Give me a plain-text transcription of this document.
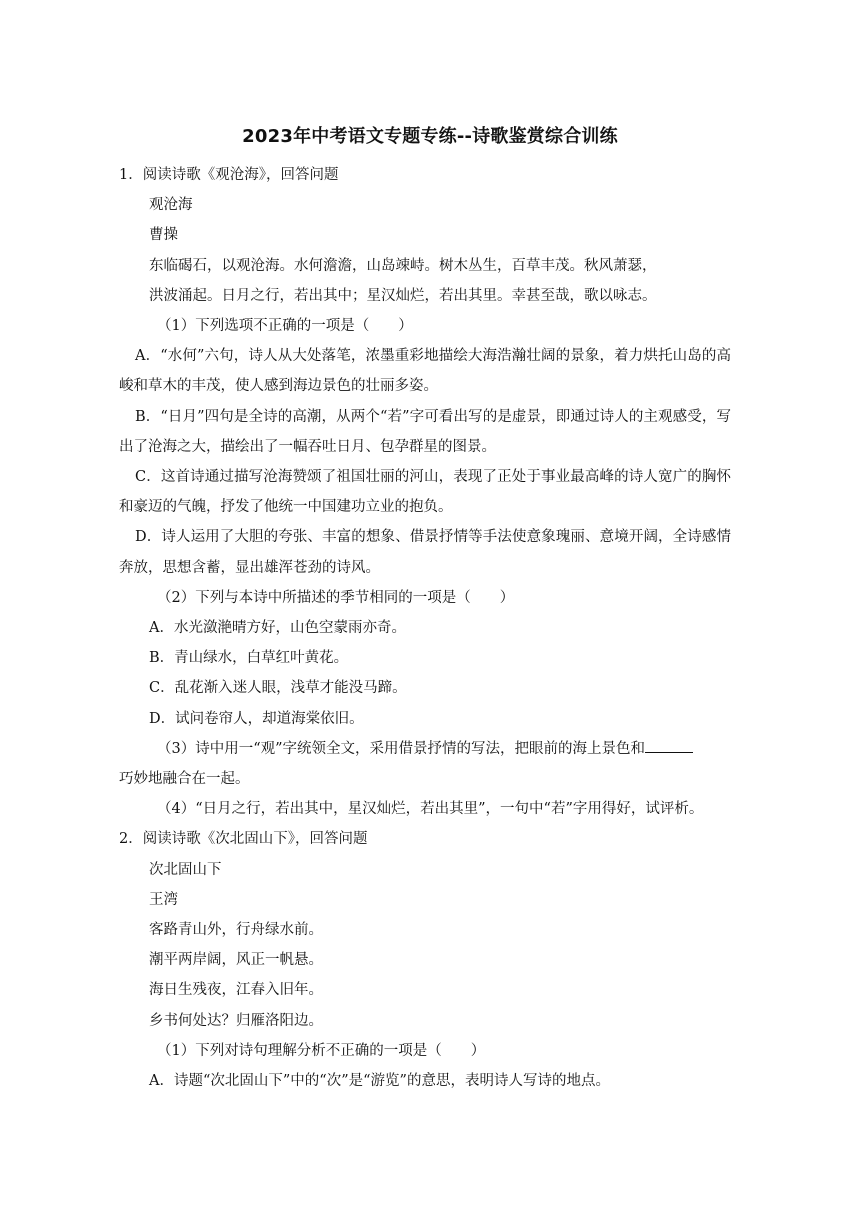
2023年中考语文专题专练--诗歌鉴赏综合训练

1．阅读诗歌《观沧海》，回答问题

观沧海

曹操

东临碣石，以观沧海。水何澹澹，山岛竦峙。树木丛生，百草丰茂。秋风萧瑟，

洪波涌起。日月之行，若出其中；星汉灿烂，若出其里。幸甚至哉，歌以咏志。

（1）下列选项不正确的一项是（　　）

A．“水何”六句，诗人从大处落笔，浓墨重彩地描绘大海浩瀚壮阔的景象，着力烘托山岛的高峻和草木的丰茂，使人感到海边景色的壮丽多姿。

B．“日月”四句是全诗的高潮，从两个“若”字可看出写的是虚景，即通过诗人的主观感受，写出了沧海之大，描绘出了一幅吞吐日月、包孕群星的图景。

C．这首诗通过描写沧海赞颂了祖国壮丽的河山，表现了正处于事业最高峰的诗人宽广的胸怀和豪迈的气魄，抒发了他统一中国建功立业的抱负。

D．诗人运用了大胆的夸张、丰富的想象、借景抒情等手法使意象瑰丽、意境开阔，全诗感情奔放，思想含蓄，显出雄浑苍劲的诗风。

（2）下列与本诗中所描述的季节相同的一项是（　　）

A．水光潋滟晴方好，山色空蒙雨亦奇。

B．青山绿水，白草红叶黄花。

C．乱花渐入迷人眼，浅草才能没马蹄。

D．试问卷帘人，却道海棠依旧。

（3）诗中用一“观”字统领全文，采用借景抒情的写法，把眼前的海上景色和

巧妙地融合在一起。

（4）“日月之行，若出其中，星汉灿烂，若出其里”，一句中“若”字用得好，试评析。

2．阅读诗歌《次北固山下》，回答问题

次北固山下

王湾

客路青山外，行舟绿水前。

潮平两岸阔，风正一帆悬。

海日生残夜，江春入旧年。

乡书何处达？归雁洛阳边。

（1）下列对诗句理解分析不正确的一项是（　　）

A．诗题“次北固山下”中的“次”是“游览”的意思，表明诗人写诗的地点。
